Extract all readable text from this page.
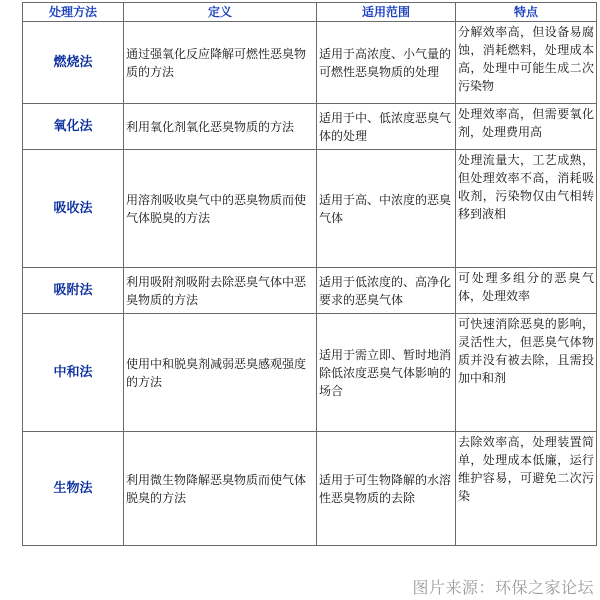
处理方法	定义	适用范围	特点
燃烧法	通过强氧化反应降解可燃性恶臭物质的方法	适用于高浓度、小气量的可燃性恶臭物质的处理	分解效率高，但设备易腐蚀，消耗燃料，处理成本高，处理中可能生成二次污染物
氧化法	利用氧化剂氧化恶臭物质的方法	适用于中、低浓度恶臭气体的处理	处理效率高，但需要氧化剂，处理费用高
吸收法	用溶剂吸收臭气中的恶臭物质而使气体脱臭的方法	适用于高、中浓度的恶臭气体	处理流量大，工艺成熟，但处理效率不高，消耗吸收剂，污染物仅由气相转移到液相
吸附法	利用吸附剂吸附去除恶臭气体中恶臭物质的方法	适用于低浓度的、高净化要求的恶臭气体	可处理多组分的恶臭气体，处理效率
中和法	使用中和脱臭剂减弱恶臭感观强度的方法	适用于需立即、暂时地消除低浓度恶臭气体影响的场合	可快速消除恶臭的影响，灵活性大，但恶臭气体物质并没有被去除，且需投加中和剂
生物法	利用微生物降解恶臭物质而使气体脱臭的方法	适用于可生物降解的水溶性恶臭物质的去除	去除效率高，处理装置简单，处理成本低廉，运行维护容易，可避免二次污染
图片来源：环保之家论坛
